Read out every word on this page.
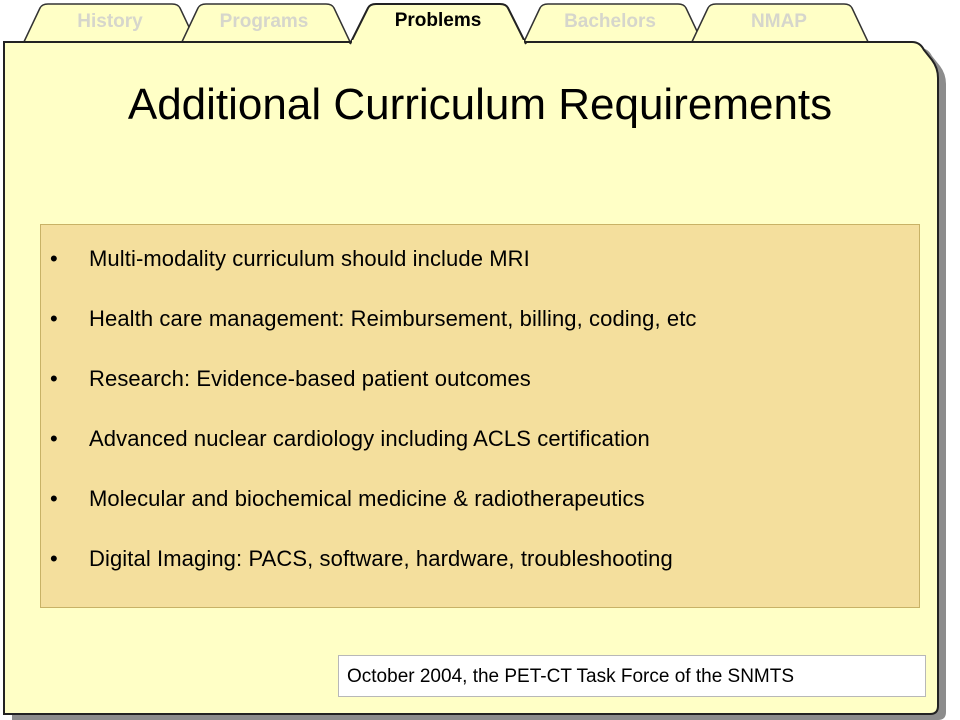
History	Programs	Problems	Bachelors	NMAP
Additional Curriculum Requirements
• Multi-modality curriculum should include MRI
• Health care management: Reimbursement, billing, coding, etc
• Research: Evidence-based patient outcomes
• Advanced nuclear cardiology including ACLS certification
• Molecular and biochemical medicine & radiotherapeutics
• Digital Imaging: PACS, software, hardware, troubleshooting
October 2004, the PET-CT Task Force of the SNMTS
